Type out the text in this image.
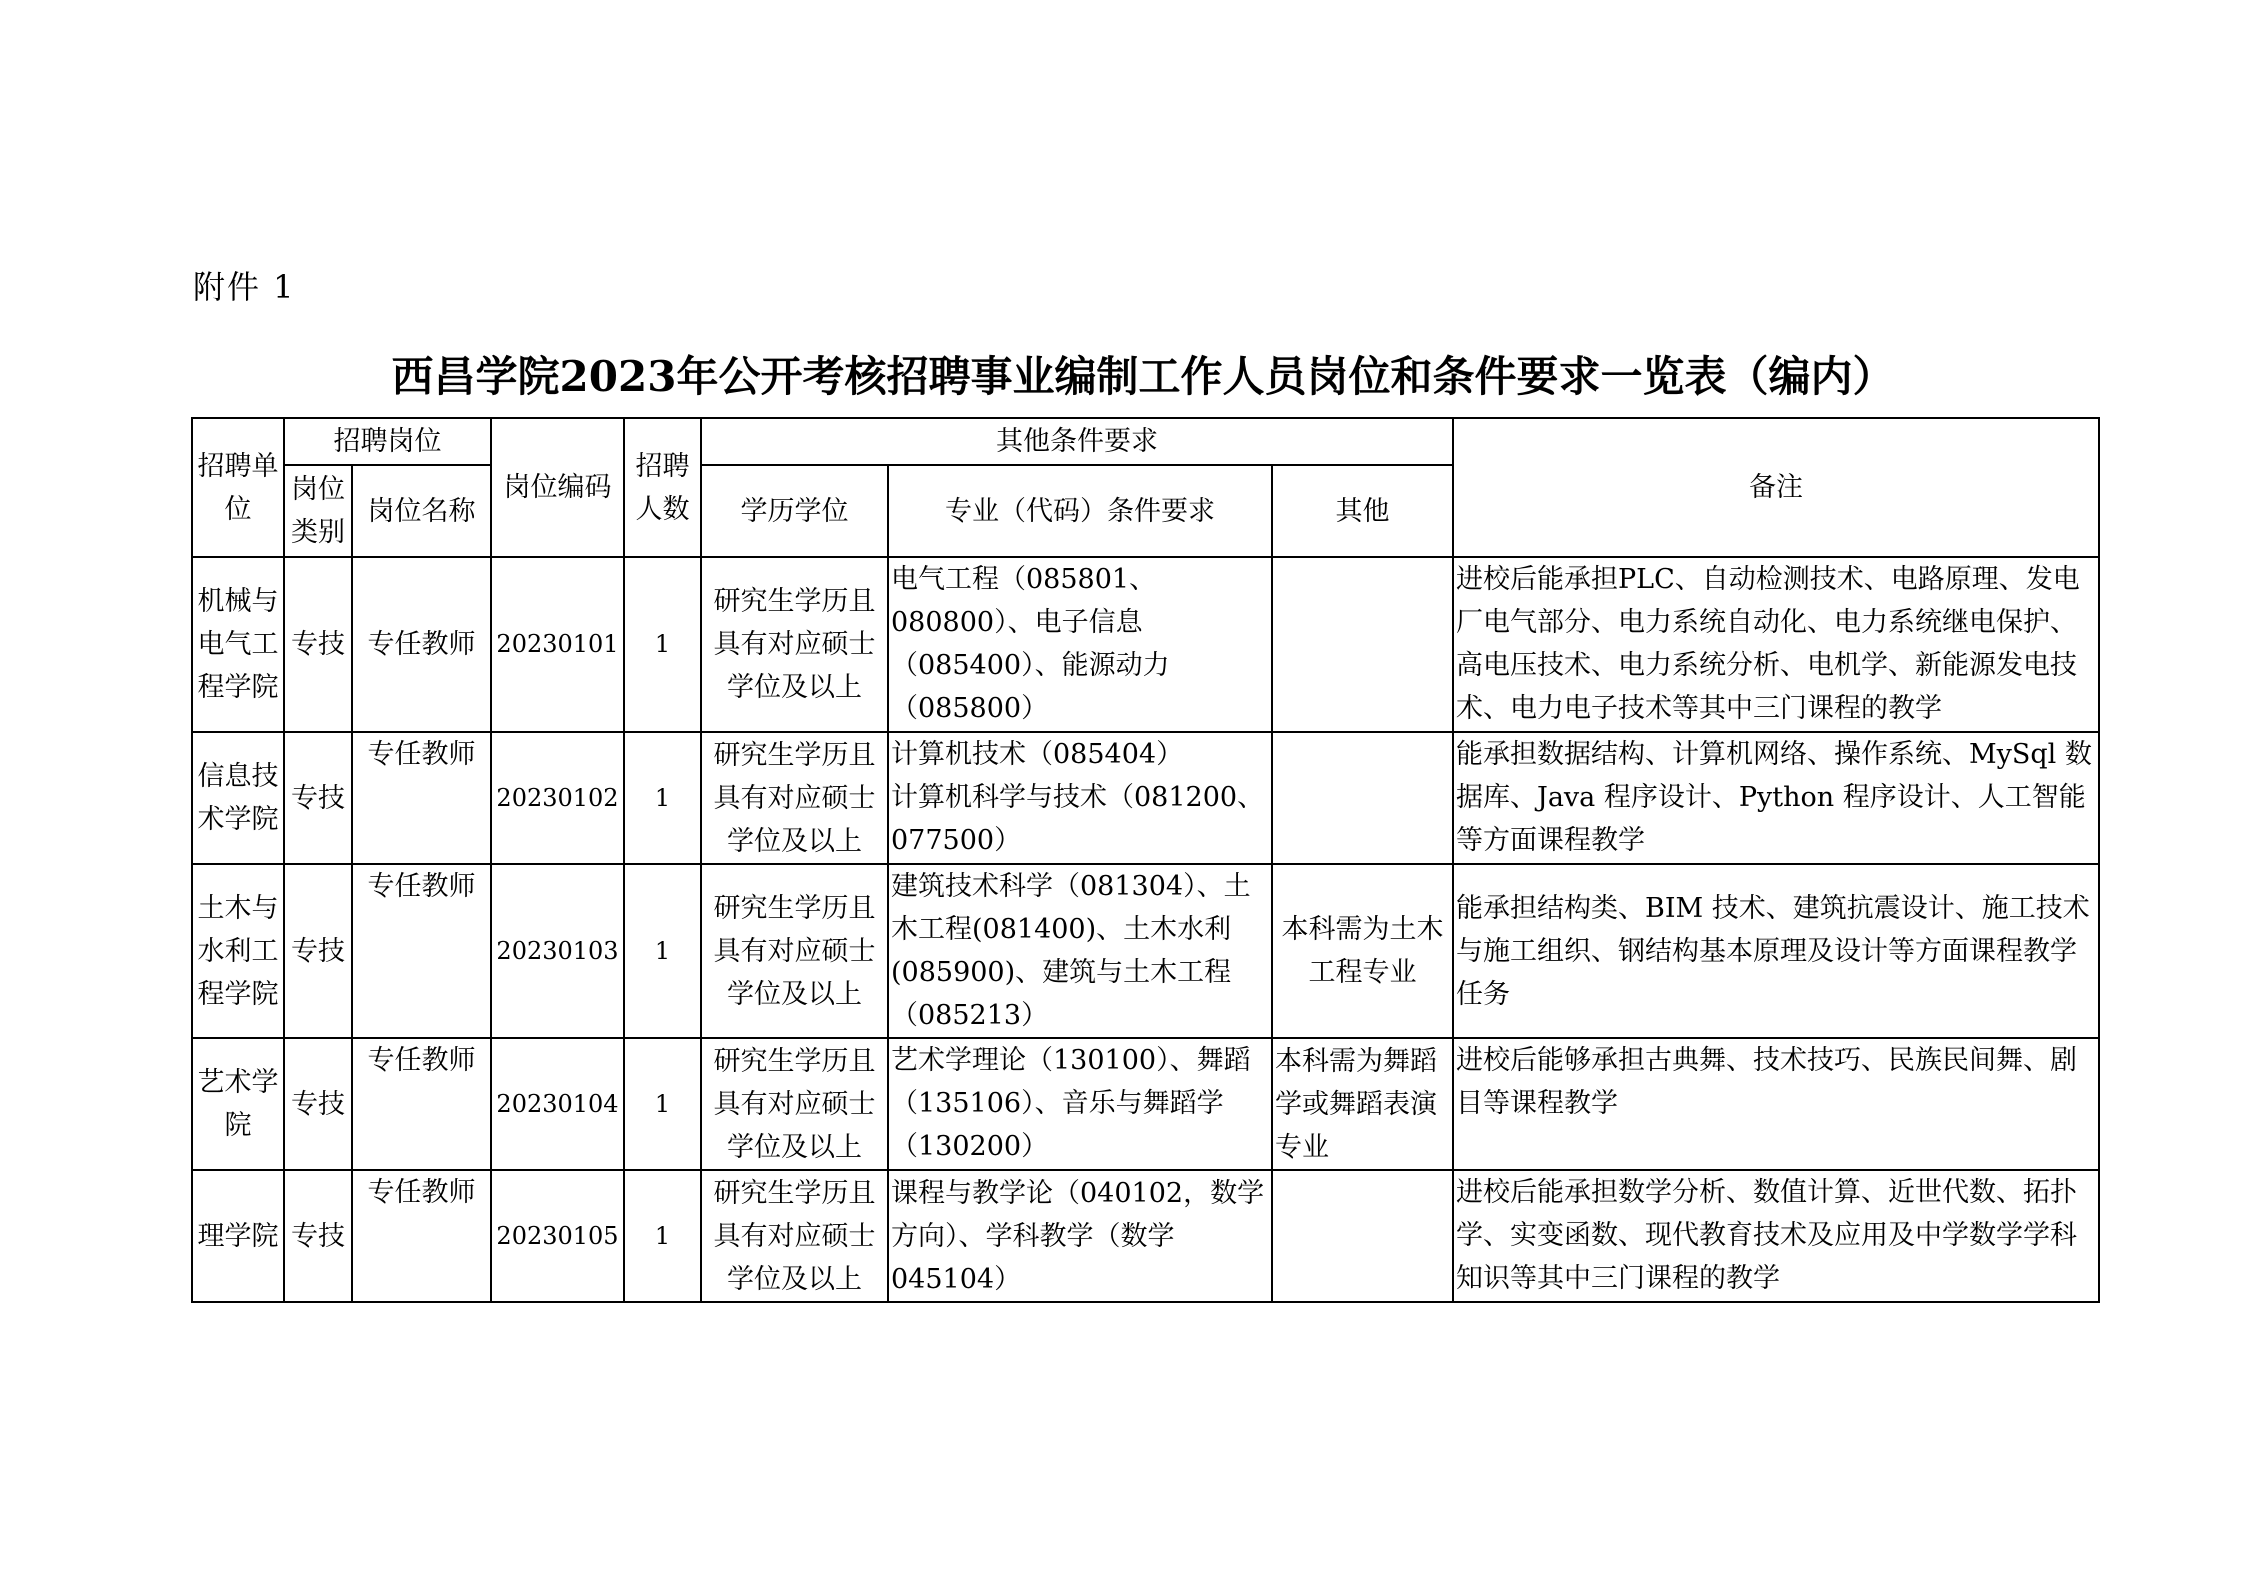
附件 1
西昌学院2023年公开考核招聘事业编制工作人员岗位和条件要求一览表（编内）
招聘单位	招聘岗位		岗位编码	招聘人数	其他条件要求			备注
	岗位类别	岗位名称			学历学位	专业（代码）条件要求	其他	
机械与电气工程学院	专技	专任教师	20230101	1	研究生学历且具有对应硕士学位及以上	电气工程（085801、080800）、电子信息（085400）、能源动力（085800）		进校后能承担PLC、自动检测技术、电路原理、发电厂电气部分、电力系统自动化、电力系统继电保护、高电压技术、电力系统分析、电机学、新能源发电技术、电力电子技术等其中三门课程的教学
信息技术学院	专技	专任教师	20230102	1	研究生学历且具有对应硕士学位及以上	计算机技术（085404）
计算机科学与技术（081200、077500）		能承担数据结构、计算机网络、操作系统、MySql 数据库、Java 程序设计、Python 程序设计、人工智能等方面课程教学
土木与水利工程学院	专技	专任教师	20230103	1	研究生学历且具有对应硕士学位及以上	建筑技术科学（081304）、土木工程(081400)、土木水利(085900)、建筑与土木工程（085213）	本科需为土木工程专业	能承担结构类、BIM 技术、建筑抗震设计、施工技术与施工组织、钢结构基本原理及设计等方面课程教学任务
艺术学院	专技	专任教师	20230104	1	研究生学历且具有对应硕士学位及以上	艺术学理论（130100）、舞蹈（135106）、音乐与舞蹈学（130200）	本科需为舞蹈学或舞蹈表演专业	进校后能够承担古典舞、技术技巧、民族民间舞、剧目等课程教学
理学院	专技	专任教师	20230105	1	研究生学历且具有对应硕士学位及以上	课程与教学论（040102，数学方向）、学科教学（数学 045104）		进校后能承担数学分析、数值计算、近世代数、拓扑学、实变函数、现代教育技术及应用及中学数学学科知识等其中三门课程的教学
